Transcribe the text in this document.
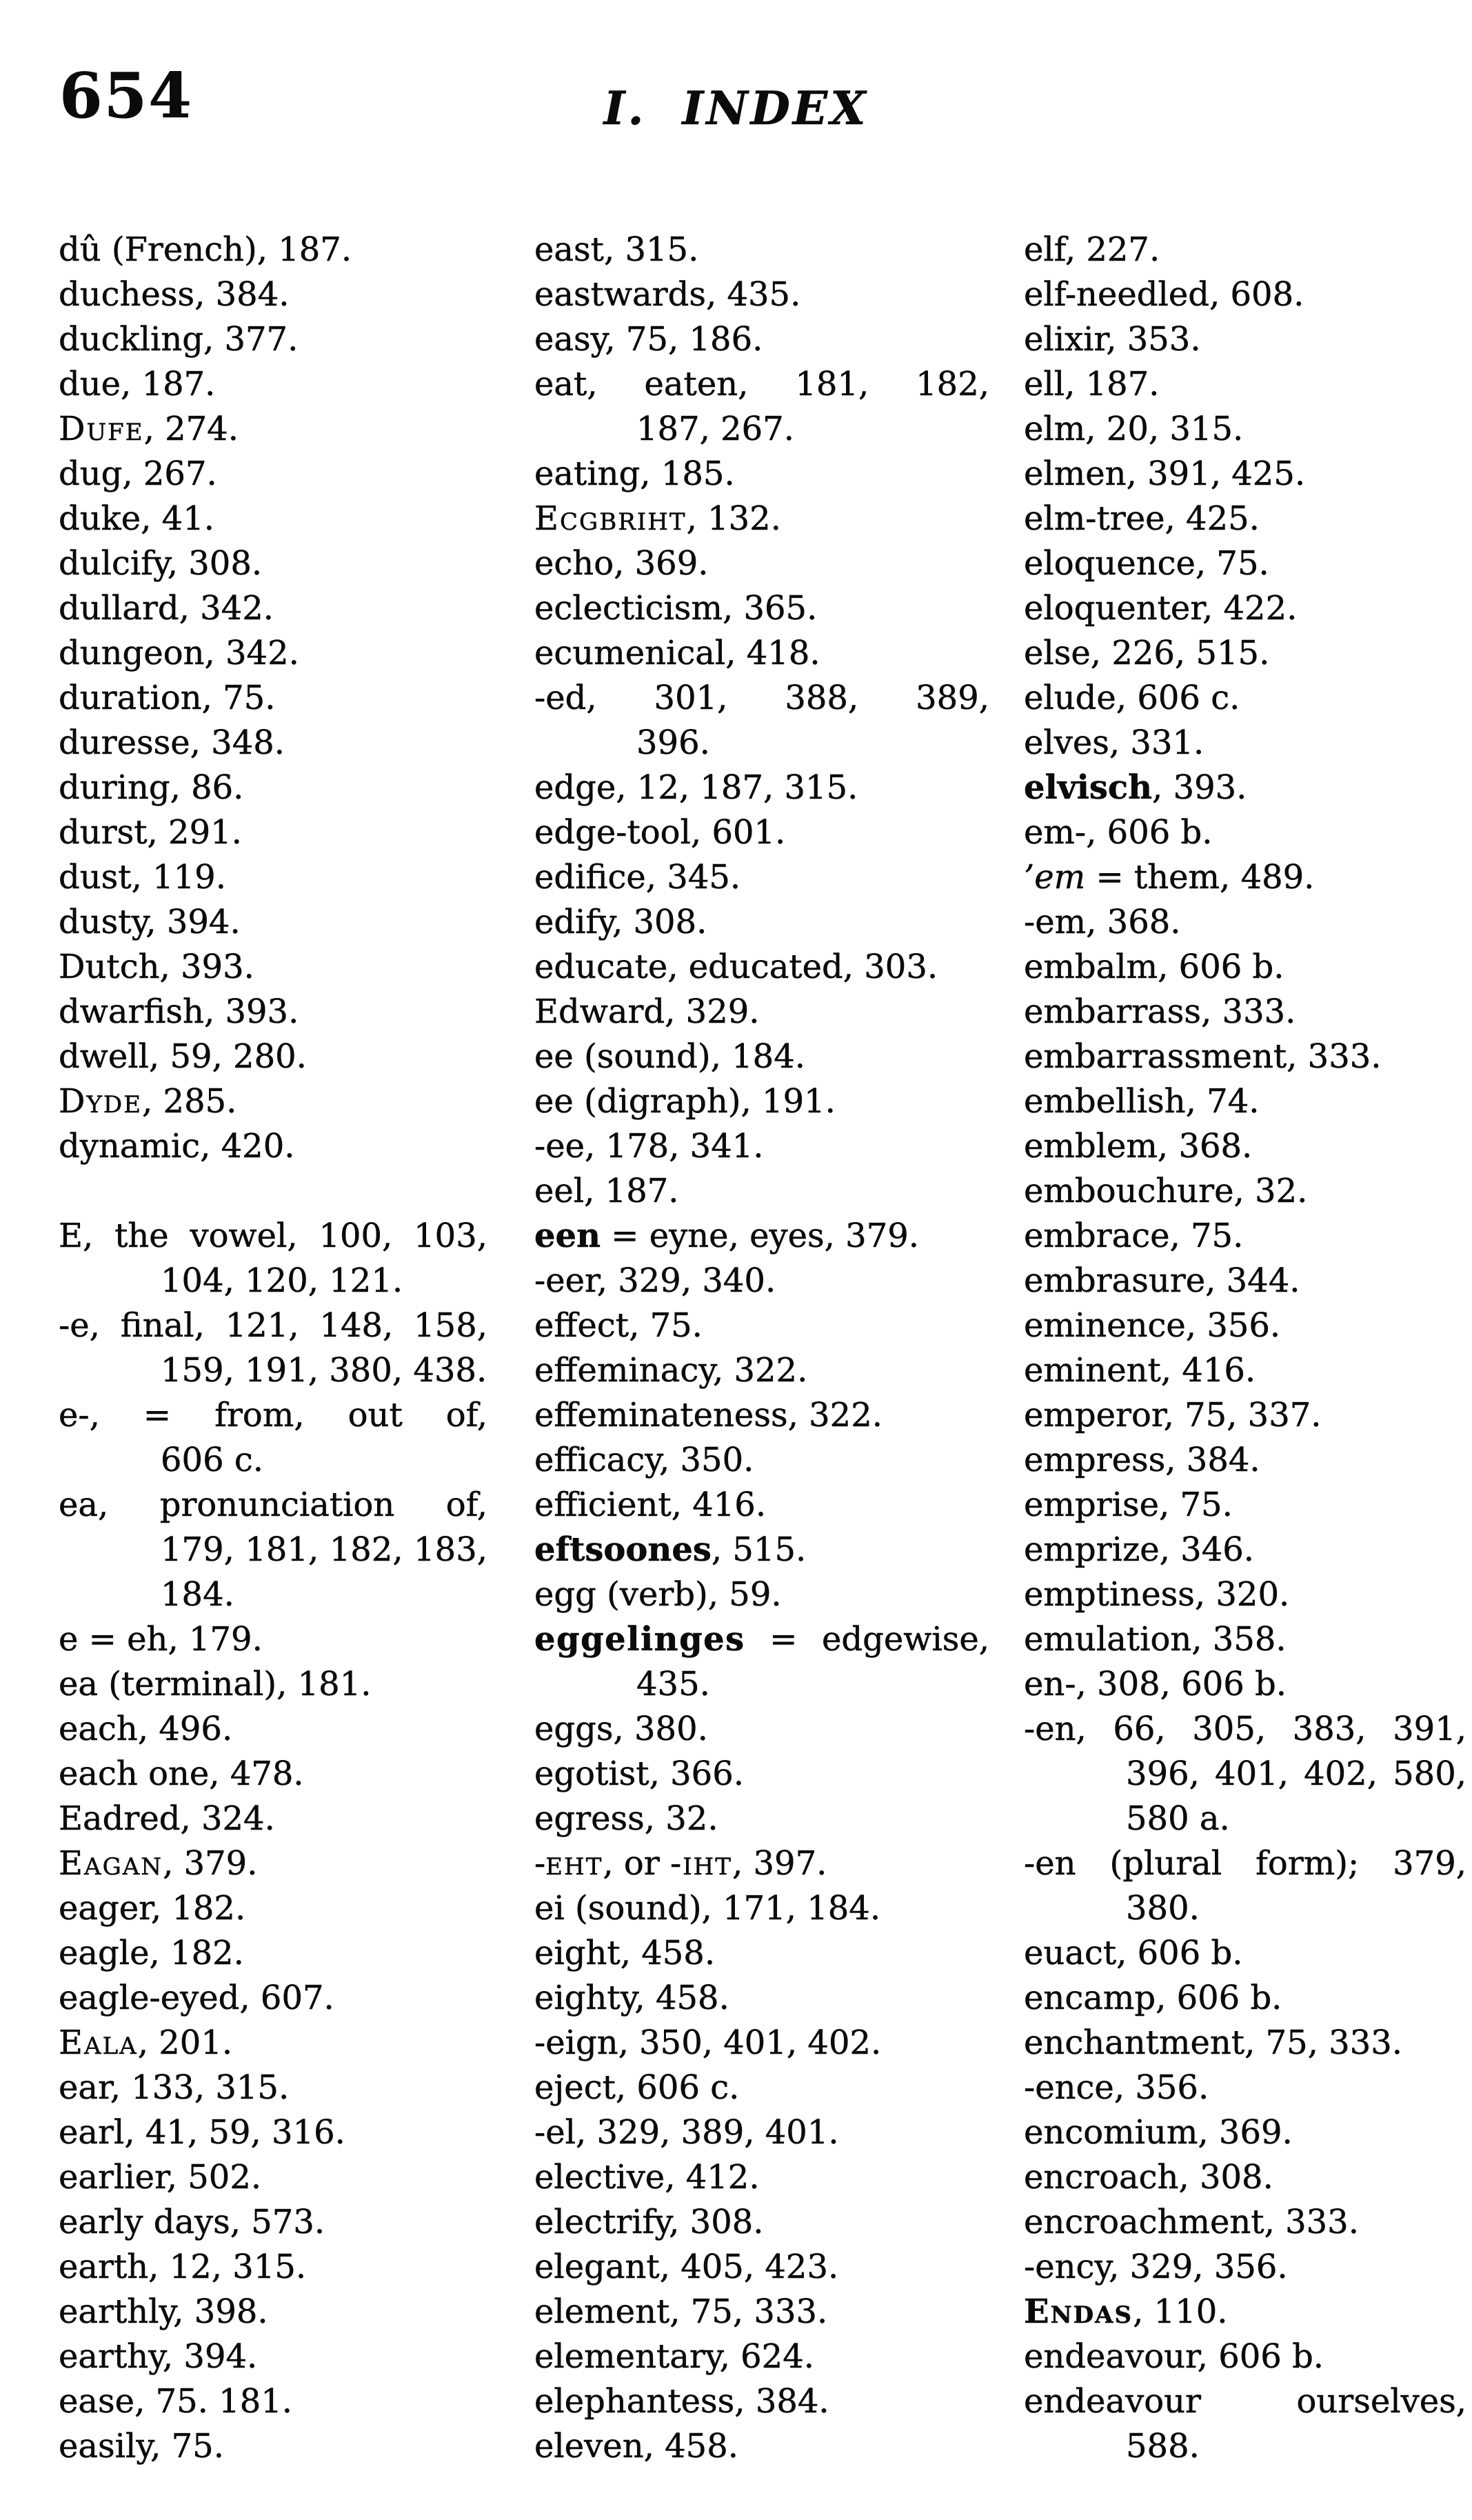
654	I. INDEX

dû (French), 187.

duchess, 384.

duckling, 377.

due, 187.

Dufe, 274.

dug, 267.

duke, 41.

dulcify, 308.

dullard, 342.

dungeon, 342.

duration, 75.

duresse, 348.

during, 86.

durst, 291.

dust, 119.

dusty, 394.

Dutch, 393.

dwarfish, 393.

dwell, 59, 280.

Dyde, 285.

dynamic, 420.

E, the vowel, 100, 103,
104, 120, 121.

-e, final, 121, 148, 158,
159, 191, 380, 438.

e-, = from, out of,
606 c.

ea, pronunciation of,
179, 181, 182, 183,
184.

e = eh, 179.

ea (terminal), 181.

each, 496.

each one, 478.

Eadred, 324.

Eagan, 379.

eager, 182.

eagle, 182.

eagle-eyed, 607.

Eala, 201.

ear, 133, 315.

earl, 41, 59, 316.

earlier, 502.

early days, 573.

earth, 12, 315.

earthly, 398.

earthy, 394.

ease, 75. 181.

easily, 75.

east, 315.

eastwards, 435.

easy, 75, 186.

eat, eaten, 181, 182,
187, 267.

eating, 185.

Ecgbriht, 132.

echo, 369.

eclecticism, 365.

ecumenical, 418.

-ed, 301, 388, 389,
396.

edge, 12, 187, 315.

edge-tool, 601.

edifice, 345.

edify, 308.

educate, educated, 303.

Edward, 329.

ee (sound), 184.

ee (digraph), 191.

-ee, 178, 341.

eel, 187.

een = eyne, eyes, 379.

-eer, 329, 340.

effect, 75.

effeminacy, 322.

effeminateness, 322.

efficacy, 350.

efficient, 416.

eftsoones, 515.

egg (verb), 59.

eggelinges = edgewise,
435.

eggs, 380.

egotist, 366.

egress, 32.

-eht, or -iht, 397.

ei (sound), 171, 184.

eight, 458.

eighty, 458.

-eign, 350, 401, 402.

eject, 606 c.

-el, 329, 389, 401.

elective, 412.

electrify, 308.

elegant, 405, 423.

element, 75, 333.

elementary, 624.

elephantess, 384.

eleven, 458.

elf, 227.

elf-needled, 608.

elixir, 353.

ell, 187.

elm, 20, 315.

elmen, 391, 425.

elm-tree, 425.

eloquence, 75.

eloquenter, 422.

else, 226, 515.

elude, 606 c.

elves, 331.

elvisch, 393.

em-, 606 b.

’em = them, 489.

-em, 368.

embalm, 606 b.

embarrass, 333.

embarrassment, 333.

embellish, 74.

emblem, 368.

embouchure, 32.

embrace, 75.

embrasure, 344.

eminence, 356.

eminent, 416.

emperor, 75, 337.

empress, 384.

emprise, 75.

emprize, 346.

emptiness, 320.

emulation, 358.

en-, 308, 606 b.

-en, 66, 305, 383, 391,
396, 401, 402, 580,
580 a.

-en (plural form); 379,
380.

euact, 606 b.

encamp, 606 b.

enchantment, 75, 333.

-ence, 356.

encomium, 369.

encroach, 308.

encroachment, 333.

-ency, 329, 356.

Endas, 110.

endeavour, 606 b.

endeavour ourselves,
588.
